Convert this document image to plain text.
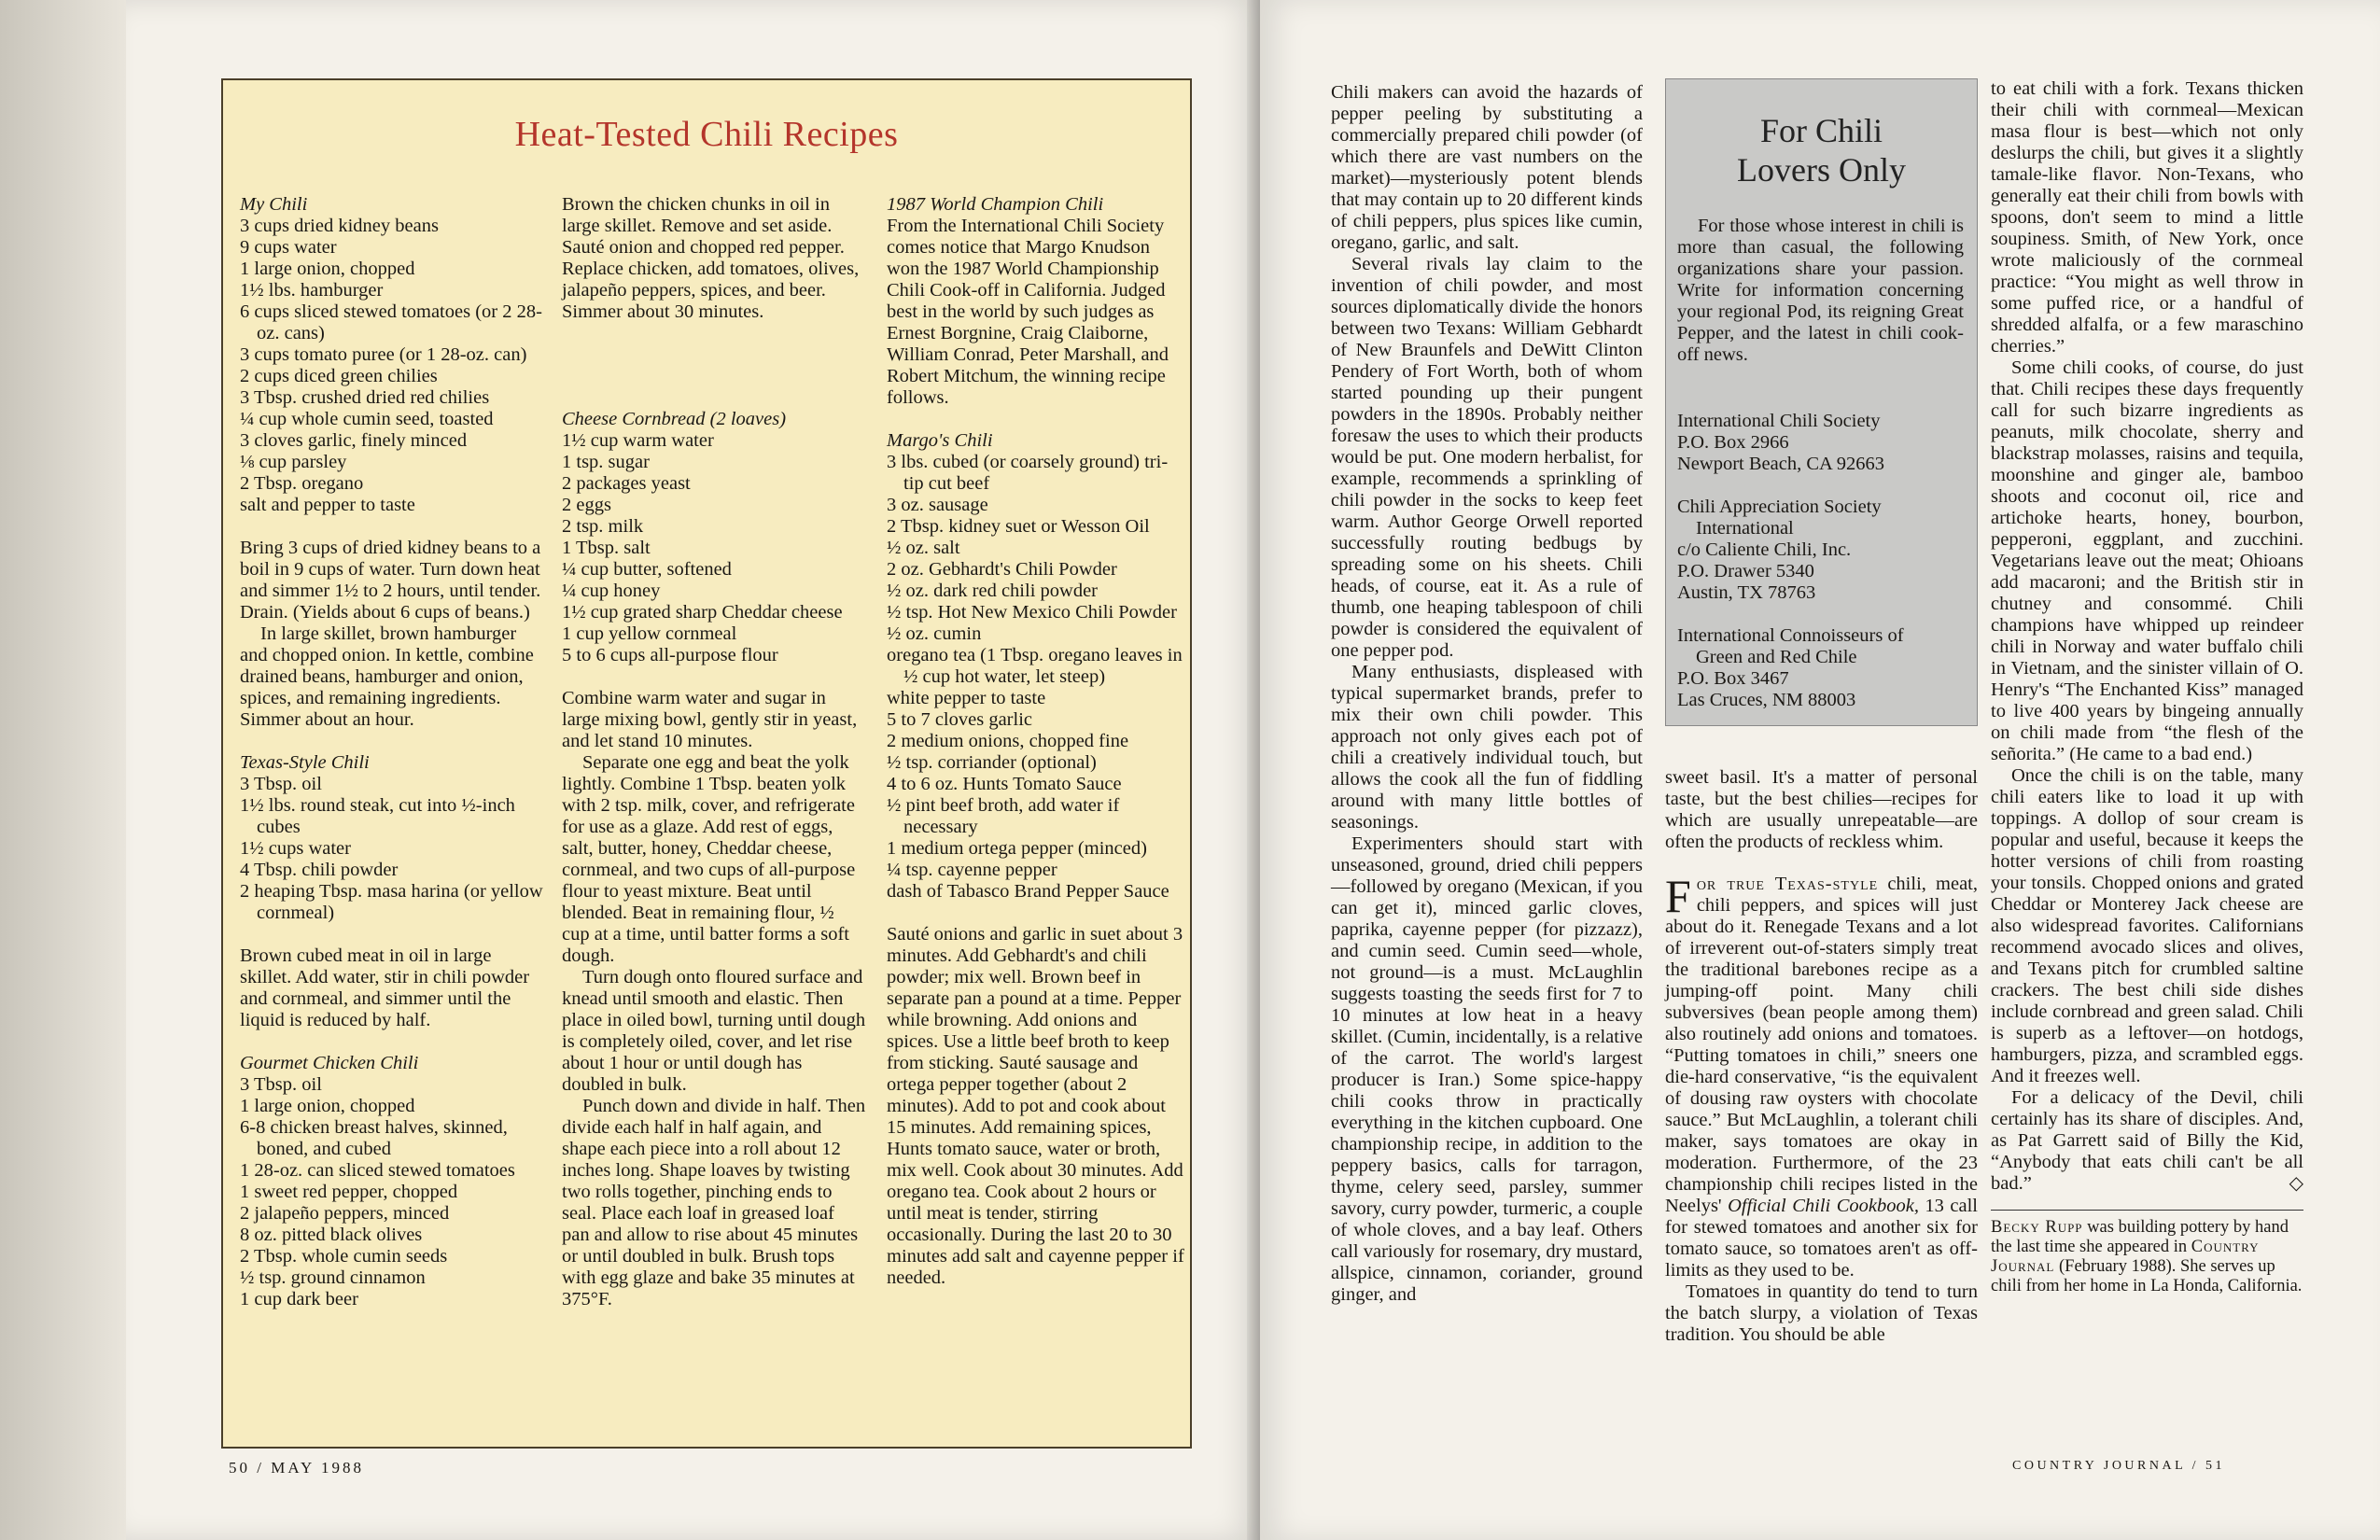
Heat-Tested Chili Recipes

My Chili

3 cups dried kidney beans

9 cups water

1 large onion, chopped

1½ lbs. hamburger

6 cups sliced stewed tomatoes (or 2 28-oz. cans)

3 cups tomato puree (or 1 28-oz. can)

2 cups diced green chilies

3 Tbsp. crushed dried red chilies

¼ cup whole cumin seed, toasted

3 cloves garlic, finely minced

⅛ cup parsley

2 Tbsp. oregano

salt and pepper to taste

Bring 3 cups of dried kidney beans to a boil in 9 cups of water. Turn down heat and simmer 1½ to 2 hours, until tender. Drain. (Yields about 6 cups of beans.)

In large skillet, brown hamburger and chopped onion. In kettle, combine drained beans, hamburger and onion, spices, and remaining ingredients. Simmer about an hour.

Texas-Style Chili

3 Tbsp. oil

1½ lbs. round steak, cut into ½-inch cubes

1½ cups water

4 Tbsp. chili powder

2 heaping Tbsp. masa harina (or yellow cornmeal)

Brown cubed meat in oil in large skillet. Add water, stir in chili powder and cornmeal, and simmer until the liquid is reduced by half.

Gourmet Chicken Chili

3 Tbsp. oil

1 large onion, chopped

6-8 chicken breast halves, skinned, boned, and cubed

1 28-oz. can sliced stewed tomatoes

1 sweet red pepper, chopped

2 jalapeño peppers, minced

8 oz. pitted black olives

2 Tbsp. whole cumin seeds

½ tsp. ground cinnamon

1 cup dark beer

Brown the chicken chunks in oil in large skillet. Remove and set aside. Sauté onion and chopped red pepper. Replace chicken, add tomatoes, olives, jalapeño peppers, spices, and beer. Simmer about 30 minutes.

Cheese Cornbread (2 loaves)

1½ cup warm water

1 tsp. sugar

2 packages yeast

2 eggs

2 tsp. milk

1 Tbsp. salt

¼ cup butter, softened

¼ cup honey

1½ cup grated sharp Cheddar cheese

1 cup yellow cornmeal

5 to 6 cups all-purpose flour

Combine warm water and sugar in large mixing bowl, gently stir in yeast, and let stand 10 minutes.

Separate one egg and beat the yolk lightly. Combine 1 Tbsp. beaten yolk with 2 tsp. milk, cover, and refrigerate for use as a glaze. Add rest of eggs, salt, butter, honey, Cheddar cheese, cornmeal, and two cups of all-purpose flour to yeast mixture. Beat until blended. Beat in remaining flour, ½ cup at a time, until batter forms a soft dough.

Turn dough onto floured surface and knead until smooth and elastic. Then place in oiled bowl, turning until dough is completely oiled, cover, and let rise about 1 hour or until dough has doubled in bulk.

Punch down and divide in half. Then divide each half in half again, and shape each piece into a roll about 12 inches long. Shape loaves by twisting two rolls together, pinching ends to seal. Place each loaf in greased loaf pan and allow to rise about 45 minutes or until doubled in bulk. Brush tops with egg glaze and bake 35 minutes at 375°F.

1987 World Champion Chili

From the International Chili Society comes notice that Margo Knudson won the 1987 World Championship Chili Cook-off in California. Judged best in the world by such judges as Ernest Borgnine, Craig Claiborne, William Conrad, Peter Marshall, and Robert Mitchum, the winning recipe follows.

Margo's Chili

3 lbs. cubed (or coarsely ground) tri-tip cut beef

3 oz. sausage

2 Tbsp. kidney suet or Wesson Oil

½ oz. salt

2 oz. Gebhardt's Chili Powder

½ oz. dark red chili powder

½ tsp. Hot New Mexico Chili Powder

½ oz. cumin

oregano tea (1 Tbsp. oregano leaves in ½ cup hot water, let steep)

white pepper to taste

5 to 7 cloves garlic

2 medium onions, chopped fine

½ tsp. corriander (optional)

4 to 6 oz. Hunts Tomato Sauce

½ pint beef broth, add water if necessary

1 medium ortega pepper (minced)

¼ tsp. cayenne pepper

dash of Tabasco Brand Pepper Sauce

Sauté onions and garlic in suet about 3 minutes. Add Gebhardt's and chili powder; mix well. Brown beef in separate pan a pound at a time. Pepper while browning. Add onions and spices. Use a little beef broth to keep from sticking. Sauté sausage and ortega pepper together (about 2 minutes). Add to pot and cook about 15 minutes. Add remaining spices, Hunts tomato sauce, water or broth, mix well. Cook about 30 minutes. Add oregano tea. Cook about 2 hours or until meat is tender, stirring occasionally. During the last 20 to 30 minutes add salt and cayenne pepper if needed.

50 / MAY 1988

Chili makers can avoid the hazards of pepper peeling by substituting a commercially prepared chili powder (of which there are vast numbers on the market)—mysteriously potent blends that may contain up to 20 different kinds of chili peppers, plus spices like cumin, oregano, garlic, and salt.

Several rivals lay claim to the invention of chili powder, and most sources diplomatically divide the honors between two Texans: William Gebhardt of New Braunfels and DeWitt Clinton Pendery of Fort Worth, both of whom started pounding up their pungent powders in the 1890s. Probably neither foresaw the uses to which their products would be put. One modern herbalist, for example, recommends a sprinkling of chili powder in the socks to keep feet warm. Author George Orwell reported successfully routing bedbugs by spreading some on his sheets. Chili heads, of course, eat it. As a rule of thumb, one heaping tablespoon of chili powder is considered the equivalent of one pepper pod.

Many enthusiasts, displeased with typical supermarket brands, prefer to mix their own chili powder. This approach not only gives each pot of chili a creatively individual touch, but allows the cook all the fun of fiddling around with many little bottles of seasonings.

Experimenters should start with unseasoned, ground, dried chili peppers—followed by oregano (Mexican, if you can get it), minced garlic cloves, paprika, cayenne pepper (for pizzazz), and cumin seed. Cumin seed—whole, not ground—is a must. McLaughlin suggests toasting the seeds first for 7 to 10 minutes at low heat in a heavy skillet. (Cumin, incidentally, is a relative of the carrot. The world's largest producer is Iran.) Some spice-happy chili cooks throw in practically everything in the kitchen cupboard. One championship recipe, in addition to the peppery basics, calls for tarragon, thyme, celery seed, parsley, summer savory, curry powder, turmeric, a couple of whole cloves, and a bay leaf. Others call variously for rosemary, dry mustard, allspice, cinnamon, coriander, ground ginger, and

For Chili Lovers Only
For those whose interest in chili is more than casual, the following organizations share your passion. Write for information concerning your regional Pod, its reigning Great Pepper, and the latest in chili cook-off news.
International Chili Society
P.O. Box 2966
Newport Beach, CA 92663
Chili Appreciation Society
International
c/o Caliente Chili, Inc.
P.O. Drawer 5340
Austin, TX 78763
International Connoisseurs of
Green and Red Chile
P.O. Box 3467
Las Cruces, NM 88003

sweet basil. It's a matter of personal taste, but the best chilies—recipes for which are usually unrepeatable—are often the products of reckless whim.

For true Texas-style chili, meat, chili peppers, and spices will just about do it. Renegade Texans and a lot of irreverent out-of-staters simply treat the traditional barebones recipe as a jumping-off point. Many chili subversives (bean people among them) also routinely add onions and tomatoes. “Putting tomatoes in chili,” sneers one die-hard conservative, “is the equivalent of dousing raw oysters with chocolate sauce.” But McLaughlin, a tolerant chili maker, says tomatoes are okay in moderation. Furthermore, of the 23 championship chili recipes listed in the Neelys' Official Chili Cookbook, 13 call for stewed tomatoes and another six for tomato sauce, so tomatoes aren't as off-limits as they used to be.

Tomatoes in quantity do tend to turn the batch slurpy, a violation of Texas tradition. You should be able

to eat chili with a fork. Texans thicken their chili with cornmeal—Mexican masa flour is best—which not only deslurps the chili, but gives it a slightly tamale-like flavor. Non-Texans, who generally eat their chili from bowls with spoons, don't seem to mind a little soupiness. Smith, of New York, once wrote maliciously of the cornmeal practice: “You might as well throw in some puffed rice, or a handful of shredded alfalfa, or a few maraschino cherries.”

Some chili cooks, of course, do just that. Chili recipes these days frequently call for such bizarre ingredients as peanuts, milk chocolate, sherry and blackstrap molasses, raisins and tequila, moonshine and ginger ale, bamboo shoots and coconut oil, rice and artichoke hearts, honey, bourbon, pepperoni, eggplant, and zucchini. Vegetarians leave out the meat; Ohioans add macaroni; and the British stir in chutney and consommé. Chili champions have whipped up reindeer chili in Norway and water buffalo chili in Vietnam, and the sinister villain of O. Henry's “The Enchanted Kiss” managed to live 400 years by bingeing annually on chili made from “the flesh of the señorita.” (He came to a bad end.)

Once the chili is on the table, many chili eaters like to load it up with toppings. A dollop of sour cream is popular and useful, because it keeps the hotter versions of chili from roasting your tonsils. Chopped onions and grated Cheddar or Monterey Jack cheese are also widespread favorites. Californians recommend avocado slices and olives, and Texans pitch for crumbled saltine crackers. The best chili side dishes include cornbread and green salad. Chili is superb as a leftover—on hotdogs, hamburgers, pizza, and scrambled eggs. And it freezes well.

For a delicacy of the Devil, chili certainly has its share of disciples. And, as Pat Garrett said of Billy the Kid, “Anybody that eats chili can't be all bad.”	◇

Becky Rupp was building pottery by hand the last time she appeared in Country Journal (February 1988). She serves up chili from her home in La Honda, California.
COUNTRY JOURNAL / 51
